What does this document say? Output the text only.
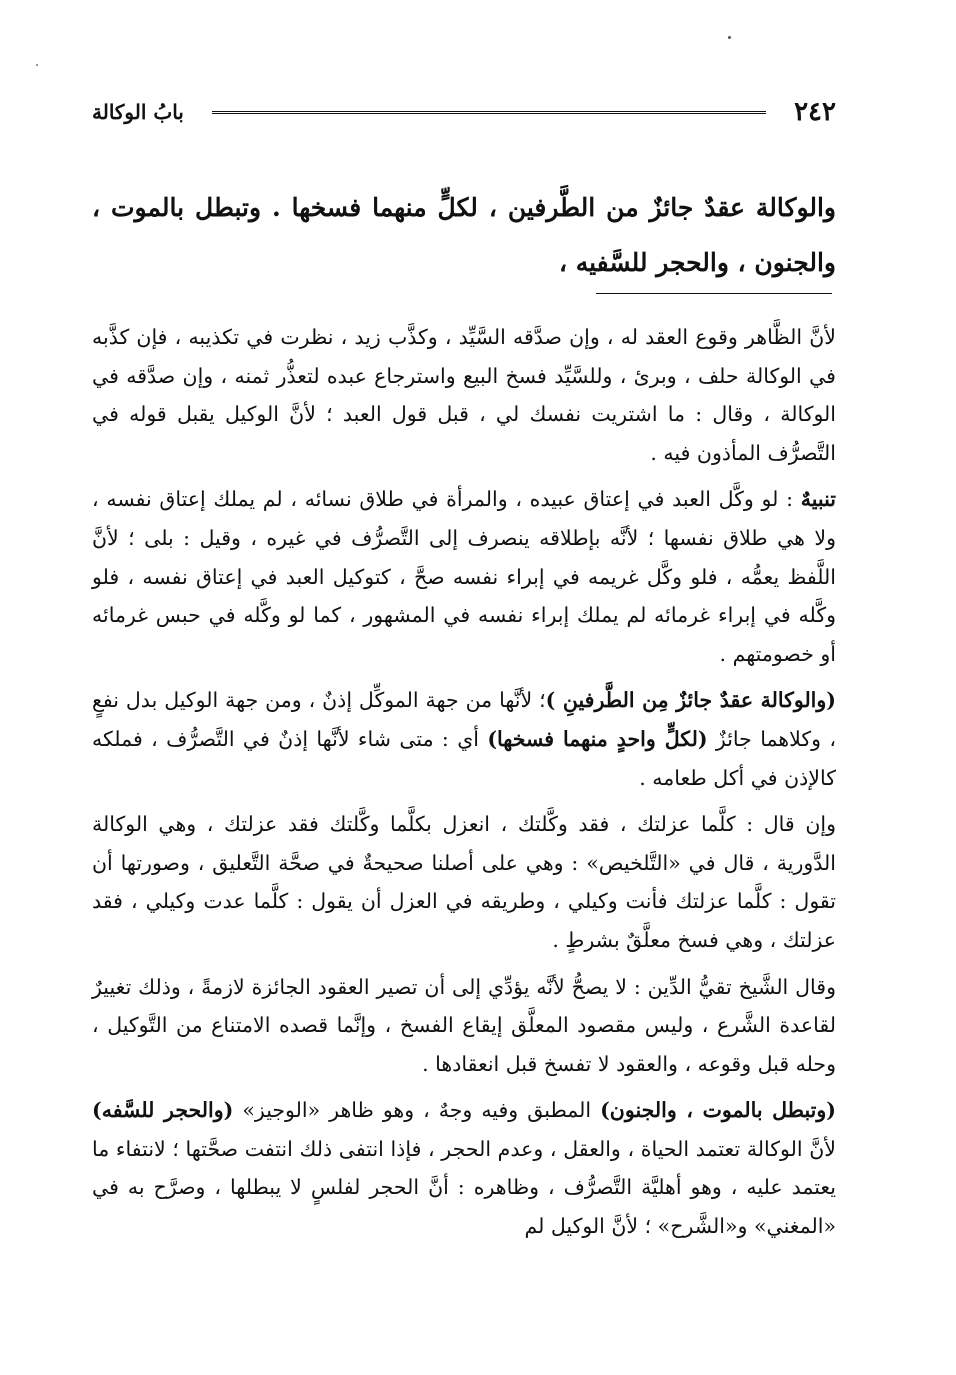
٢٤٢
بابُ الوكالة
والوكالة عقدٌ جائزٌ من الطَّرفين ، لكلٍّ منهما فسخها . وتبطل بالموت ، والجنون ، والحجر للسَّفيه ،

لأنَّ الظَّاهر وقوع العقد له ، وإن صدَّقه السَّيِّد ، وكذَّب زيد ، نظرت في تكذيبه ، فإن كذَّبه في الوكالة حلف ، وبرئ ، وللسَّيِّد فسخ البيع واسترجاع عبده لتعذُّر ثمنه ، وإن صدَّقه في الوكالة ، وقال : ما اشتريت نفسك لي ، قبل قول العبد ؛ لأنَّ الوكيل يقبل قوله في التَّصرُّف المأذون فيه .

تنبيهٌ : لو وكَّل العبد في إعتاق عبيده ، والمرأة في طلاق نسائه ، لم يملك إعتاق نفسه ، ولا هي طلاق نفسها ؛ لأنَّه بإطلاقه ينصرف إلى التَّصرُّف في غيره ، وقيل : بلى ؛ لأنَّ اللَّفظ يعمُّه ، فلو وكَّل غريمه في إبراء نفسه صحَّ ، كتوكيل العبد في إعتاق نفسه ، فلو وكَّله في إبراء غرمائه لم يملك إبراء نفسه في المشهور ، كما لو وكَّله في حبس غرمائه أو خصومتهم .

(والوكالة عقدٌ جائزٌ مِن الطَّرفينِ )؛ لأنَّها من جهة الموكِّل إذنٌ ، ومن جهة الوكيل بدل نفعٍ ، وكلاهما جائزٌ (لكلٍّ واحدٍ منهما فسخها) أي : متى شاء لأنَّها إذنٌ في التَّصرُّف ، فملكه كالإذن في أكل طعامه .

وإن قال : كلَّما عزلتك ، فقد وكَّلتك ، انعزل بكلَّما وكَّلتك فقد عزلتك ، وهي الوكالة الدَّورية ، قال في «التَّلخيص» : وهي على أصلنا صحيحةٌ في صحَّة التَّعليق ، وصورتها أن تقول : كلَّما عزلتك فأنت وكيلي ، وطريقه في العزل أن يقول : كلَّما عدت وكيلي ، فقد عزلتك ، وهي فسخ معلَّقٌ بشرطٍ .

وقال الشَّيخ تقيُّ الدِّين : لا يصحُّ لأنَّه يؤدِّي إلى أن تصير العقود الجائزة لازمةً ، وذلك تغييرٌ لقاعدة الشَّرع ، وليس مقصود المعلَّق إيقاع الفسخ ، وإنَّما قصده الامتناع من التَّوكيل ، وحله قبل وقوعه ، والعقود لا تفسخ قبل انعقادها .

(وتبطل بالموت ، والجنون) المطبق وفيه وجهٌ ، وهو ظاهر «الوجيز» (والحجر للسَّفه) لأنَّ الوكالة تعتمد الحياة ، والعقل ، وعدم الحجر ، فإذا انتفى ذلك انتفت صحَّتها ؛ لانتفاء ما يعتمد عليه ، وهو أهليَّة التَّصرُّف ، وظاهره : أنَّ الحجر لفلسٍ لا يبطلها ، وصرَّح به في «المغني» و«الشَّرح» ؛ لأنَّ الوكيل لم
